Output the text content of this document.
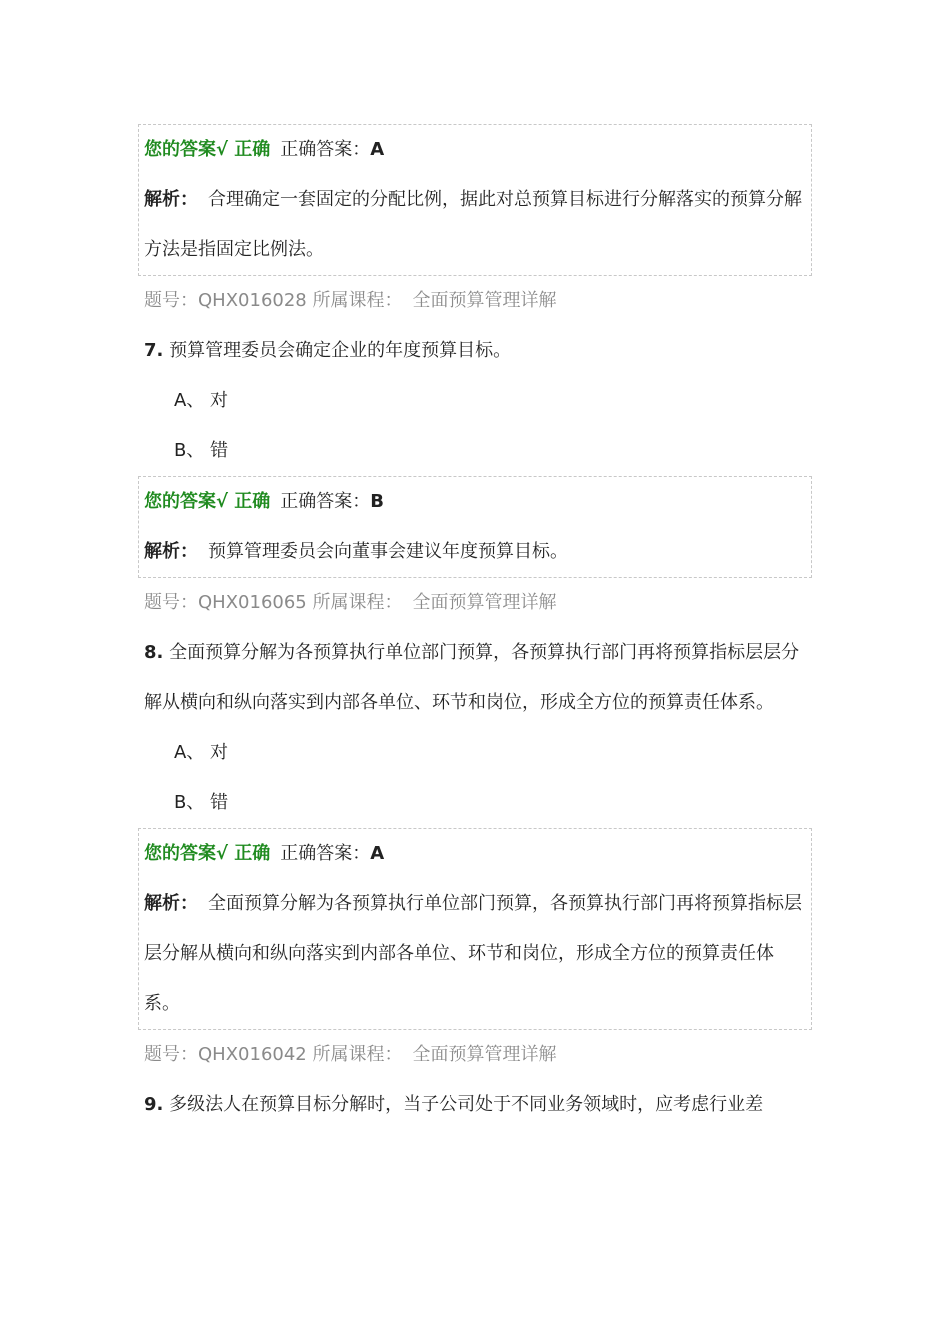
您的答案√ 正确 正确答案：A
解析： 合理确定一套固定的分配比例，据此对总预算目标进行分解落实的预算分解方法是指固定比例法。
题号：QHX016028 所属课程： 全面预算管理详解
7. 预算管理委员会确定企业的年度预算目标。
A、 对
B、 错
您的答案√ 正确 正确答案：B
解析： 预算管理委员会向董事会建议年度预算目标。
题号：QHX016065 所属课程： 全面预算管理详解
8. 全面预算分解为各预算执行单位部门预算，各预算执行部门再将预算指标层层分解从横向和纵向落实到内部各单位、环节和岗位，形成全方位的预算责任体系。
A、 对
B、 错
您的答案√ 正确 正确答案：A
解析： 全面预算分解为各预算执行单位部门预算，各预算执行部门再将预算指标层层分解从横向和纵向落实到内部各单位、环节和岗位，形成全方位的预算责任体系。
题号：QHX016042 所属课程： 全面预算管理详解
9. 多级法人在预算目标分解时，当子公司处于不同业务领域时，应考虑行业差
